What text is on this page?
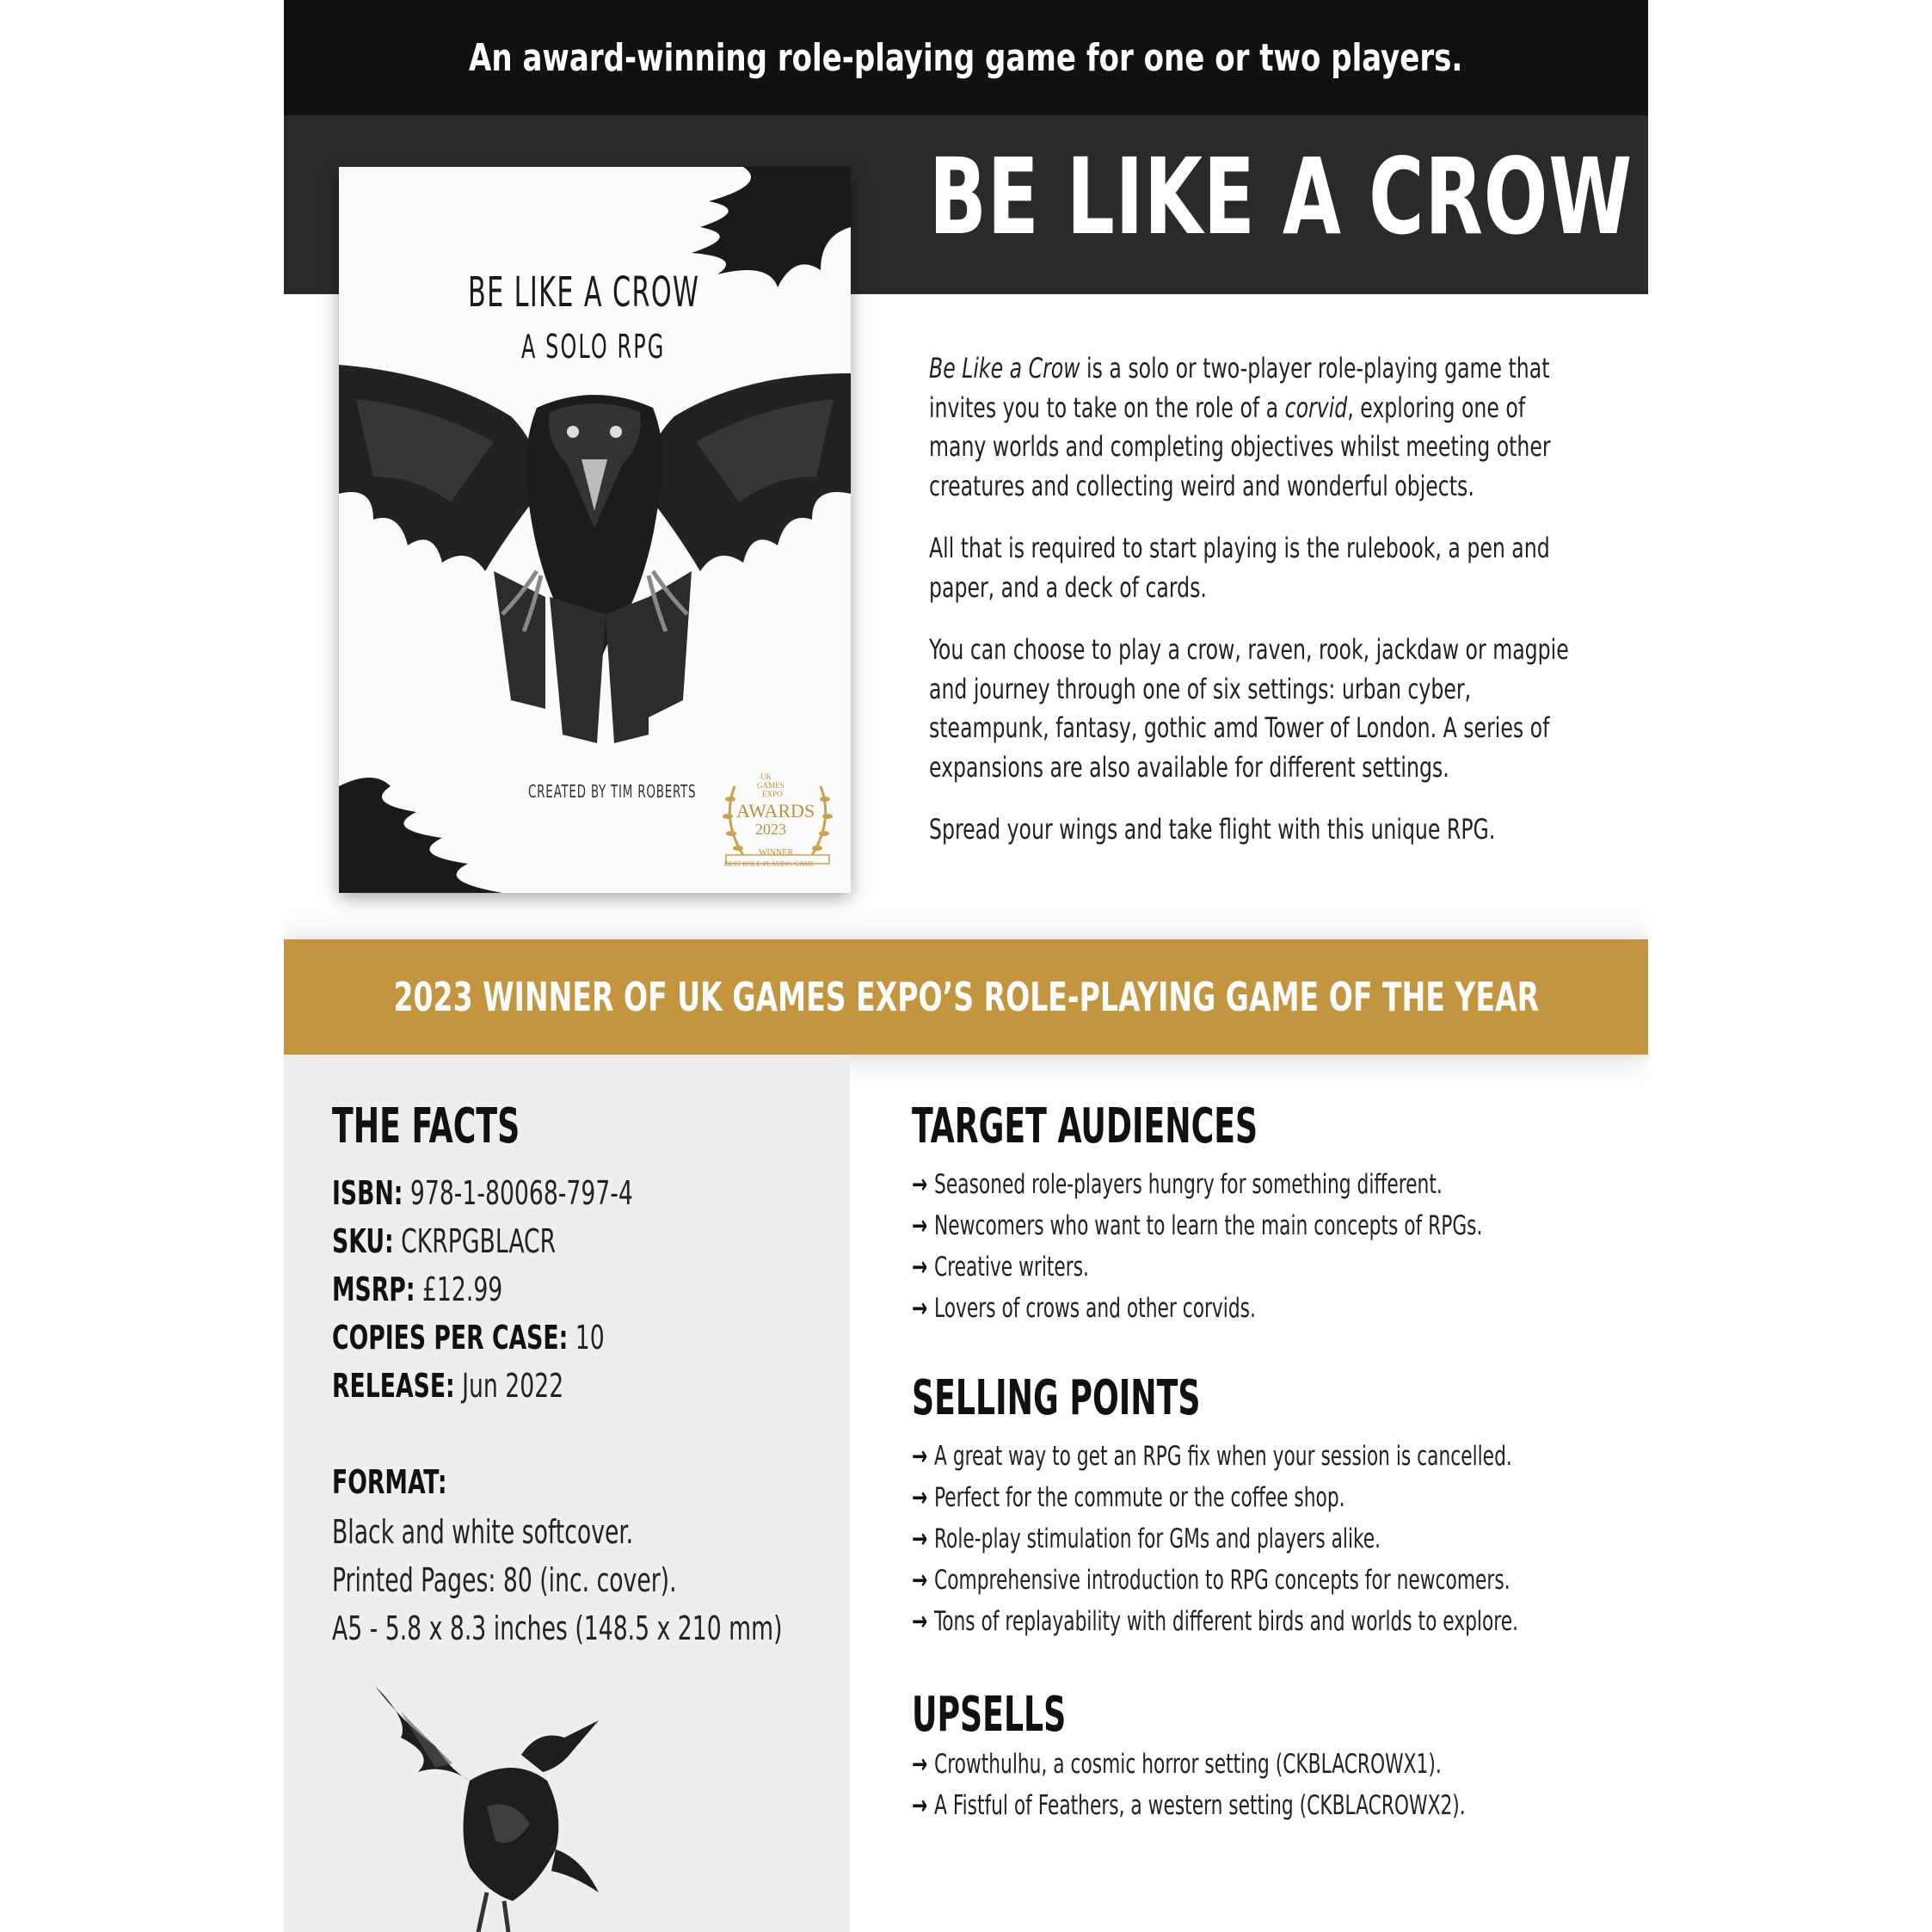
An award-winning role-playing game for one or two players.
BE LIKE A CROW
BE LIKE A CROW
A SOLO RPG
CREATED BY TIM ROBERTS
UK
GAMES
EXPO
AWARDS
2023
WINNER
BEST ROLE-PLAYING GAME

Be Like a Crow is a solo or two-player role-playing game that invites you to take on the role of a corvid, exploring one of many worlds and completing objectives whilst meeting other creatures and collecting weird and wonderful objects.

All that is required to start playing is the rulebook, a pen and paper, and a deck of cards.

You can choose to play a crow, raven, rook, jackdaw or magpie and journey through one of six settings: urban cyber, steampunk, fantasy, gothic amd Tower of London. A series of expansions are also available for different settings.

Spread your wings and take flight with this unique RPG.

2023 WINNER OF UK GAMES EXPO’S ROLE-PLAYING GAME OF THE YEAR
THE FACTS
ISBN: 978-1-80068-797-4
SKU: CKRPGBLACR
MSRP: £12.99
COPIES PER CASE: 10
RELEASE: Jun 2022
FORMAT:
Black and white softcover.
Printed Pages: 80 (inc. cover).
A5 - 5.8 x 8.3 inches (148.5 x 210 mm)
TARGET AUDIENCES
→ Seasoned role-players hungry for something different.
→ Newcomers who want to learn the main concepts of RPGs.
→ Creative writers.
→ Lovers of crows and other corvids.
SELLING POINTS
→ A great way to get an RPG fix when your session is cancelled.
→ Perfect for the commute or the coffee shop.
→ Role-play stimulation for GMs and players alike.
→ Comprehensive introduction to RPG concepts for newcomers.
→ Tons of replayability with different birds and worlds to explore.
UPSELLS
→ Crowthulhu, a cosmic horror setting (CKBLACROWX1).
→ A Fistful of Feathers, a western setting (CKBLACROWX2).
